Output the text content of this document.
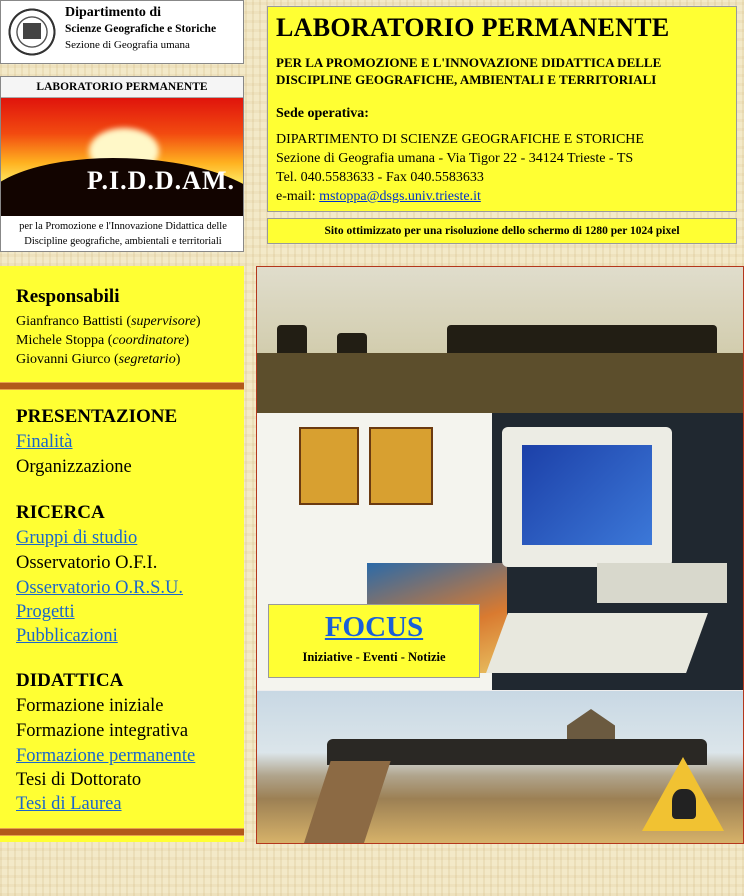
Dipartimento di
Scienze Geografiche e Storiche
Sezione di Geografia umana
LABORATORIO PERMANENTE
P.I.D.D.AM.
per la Promozione e l'Innovazione Didattica delle
Discipline geografiche, ambientali e territoriali
LABORATORIO PERMANENTE
PER LA PROMOZIONE E L'INNOVAZIONE DIDATTICA DELLE
DISCIPLINE GEOGRAFICHE, AMBIENTALI E TERRITORIALI
Sede operativa:
DIPARTIMENTO DI SCIENZE GEOGRAFICHE E STORICHE
Sezione di Geografia umana - Via Tigor 22 - 34124 Trieste - TS
Tel. 040.5583633 - Fax 040.5583633
e-mail: mstoppa@dsgs.univ.trieste.it
Sito ottimizzato per una risoluzione dello schermo di 1280 per 1024 pixel
Responsabili
Gianfranco Battisti (supervisore)
Michele Stoppa (coordinatore)
Giovanni Giurco (segretario)
PRESENTAZIONE
Finalità
Organizzazione
RICERCA
Gruppi di studio
Osservatorio O.F.I.
Osservatorio O.R.S.U.
Progetti
Pubblicazioni
DIDATTICA
Formazione iniziale
Formazione integrativa
Formazione permanente
Tesi di Dottorato
Tesi di Laurea
FOCUS
Iniziative - Eventi - Notizie
